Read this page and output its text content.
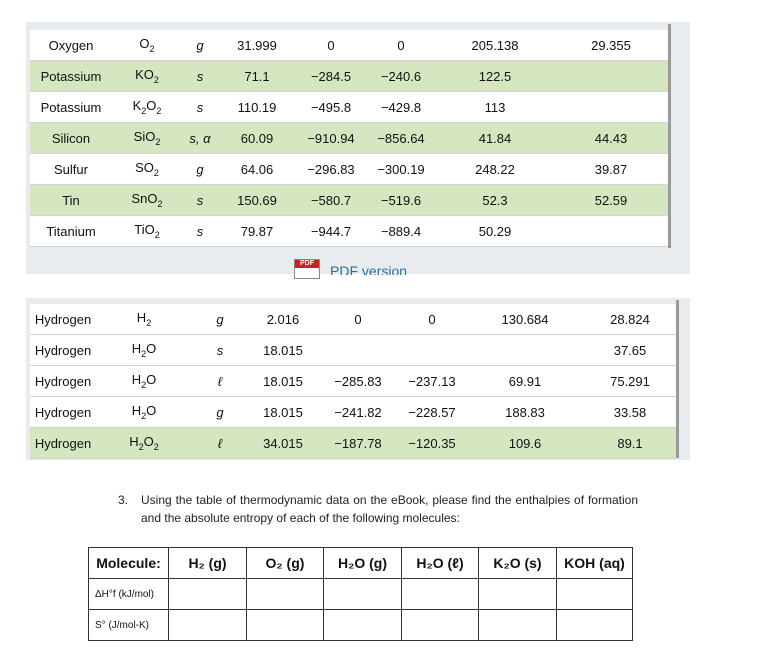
Oxygen	$O_2$	g	31.999	0	0	205.138	29.355
Potassium	$KO_2$	s	71.1	−284.5	−240.6	122.5	
Potassium	$K_2O_2$	s	110.19	−495.8	−429.8	113	
Silicon	SiO$_2$	s, α	60.09	−910.94	−856.64	41.84	44.43
Sulfur	$SO_2$	g	64.06	−296.83	−300.19	248.22	39.87
Tin	SnO$_2$	s	150.69	−580.7	−519.6	52.3	52.59
Titanium	TiO$_2$	s	79.87	−944.7	−889.4	50.29	
PDF	PDF version
Hydrogen	$H_2$	g	2.016	0	0	130.684	28.824
Hydrogen	$H_2O$	s	18.015				37.65
Hydrogen	$H_2O$	ℓ	18.015	−285.83	−237.13	69.91	75.291
Hydrogen	$H_2O$	g	18.015	−241.82	−228.57	188.83	33.58
Hydrogen	$H_2O_2$	ℓ	34.015	−187.78	−120.35	109.6	89.1
3. Using the table of thermodynamic data on the eBook, please find the enthalpies of formation and the absolute entropy of each of the following molecules:
Molecule:	H₂ (g)	O₂ (g)	H₂O (g)	H₂O (ℓ)	K₂O (s)	KOH (aq)
ΔH°f (kJ/mol)						
S° (J/mol-K)						
